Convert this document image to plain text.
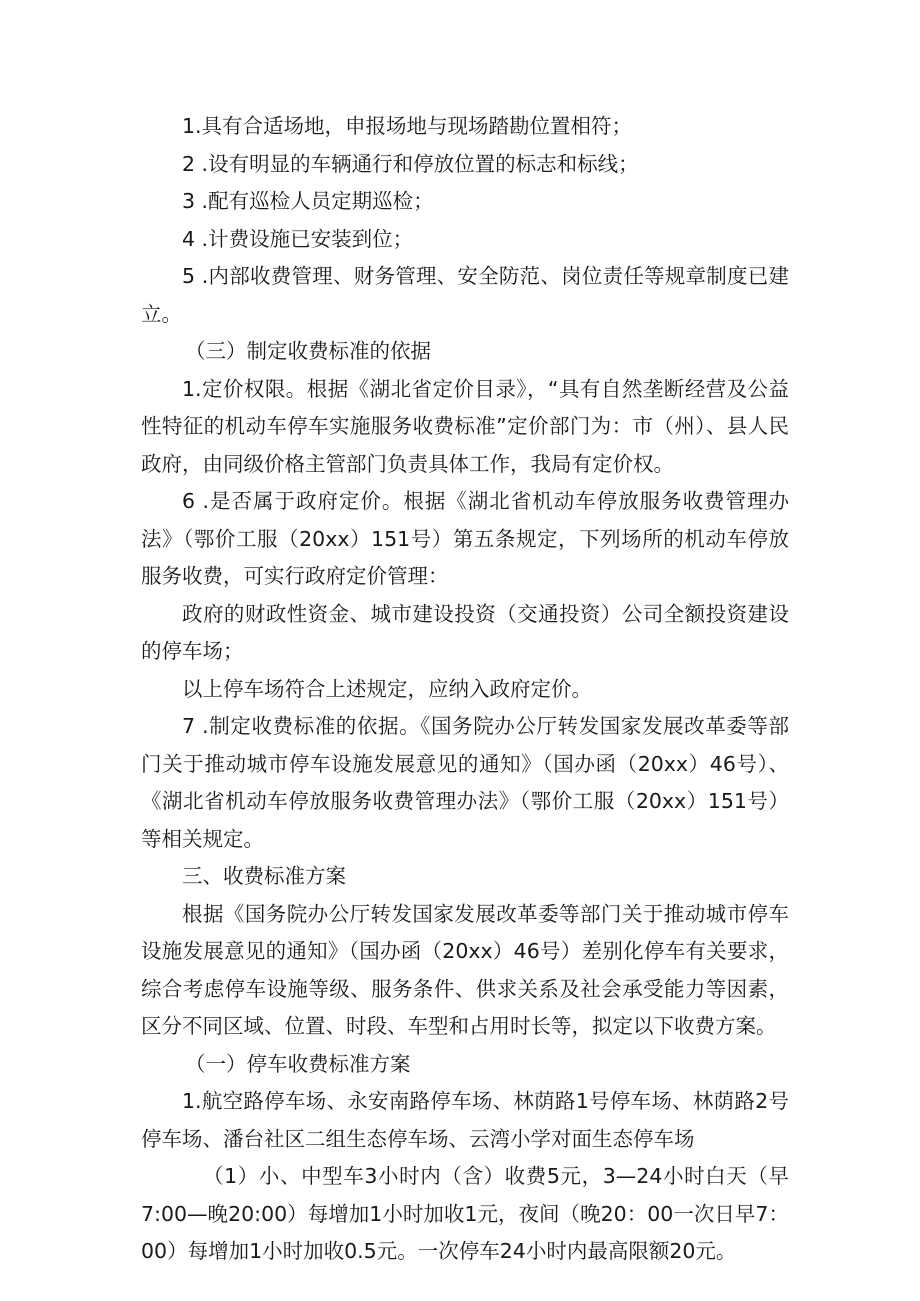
1.具有合适场地，申报场地与现场踏勘位置相符；

2 .设有明显的车辆通行和停放位置的标志和标线；

3 .配有巡检人员定期巡检；

4 .计费设施已安装到位；

5 .内部收费管理、财务管理、安全防范、岗位责任等规章制度已建立。

（三）制定收费标准的依据

1.定价权限。根据《湖北省定价目录》，“具有自然垄断经营及公益性特征的机动车停车实施服务收费标准”定价部门为：市（州）、县人民政府，由同级价格主管部门负责具体工作，我局有定价权。

6 .是否属于政府定价。根据《湖北省机动车停放服务收费管理办法》（鄂价工服（20xx）151号）第五条规定，下列场所的机动车停放服务收费，可实行政府定价管理：

政府的财政性资金、城市建设投资（交通投资）公司全额投资建设的停车场；

以上停车场符合上述规定，应纳入政府定价。

7 .制定收费标准的依据。《国务院办公厅转发国家发展改革委等部门关于推动城市停车设施发展意见的通知》（国办函（20xx）46号）、《湖北省机动车停放服务收费管理办法》（鄂价工服（20xx）151号）等相关规定。

三、收费标准方案

根据《国务院办公厅转发国家发展改革委等部门关于推动城市停车设施发展意见的通知》（国办函（20xx）46号）差别化停车有关要求，综合考虑停车设施等级、服务条件、供求关系及社会承受能力等因素，区分不同区域、位置、时段、车型和占用时长等，拟定以下收费方案。

（一）停车收费标准方案

1.航空路停车场、永安南路停车场、林荫路1号停车场、林荫路2号停车场、潘台社区二组生态停车场、云湾小学对面生态停车场

（1）小、中型车3小时内（含）收费5元，3—24小时白天（早7:00—晚20:00）每增加1小时加收1元，夜间（晚20：00一次日早7：00）每增加1小时加收0.5元。一次停车24小时内最高限额20元。
